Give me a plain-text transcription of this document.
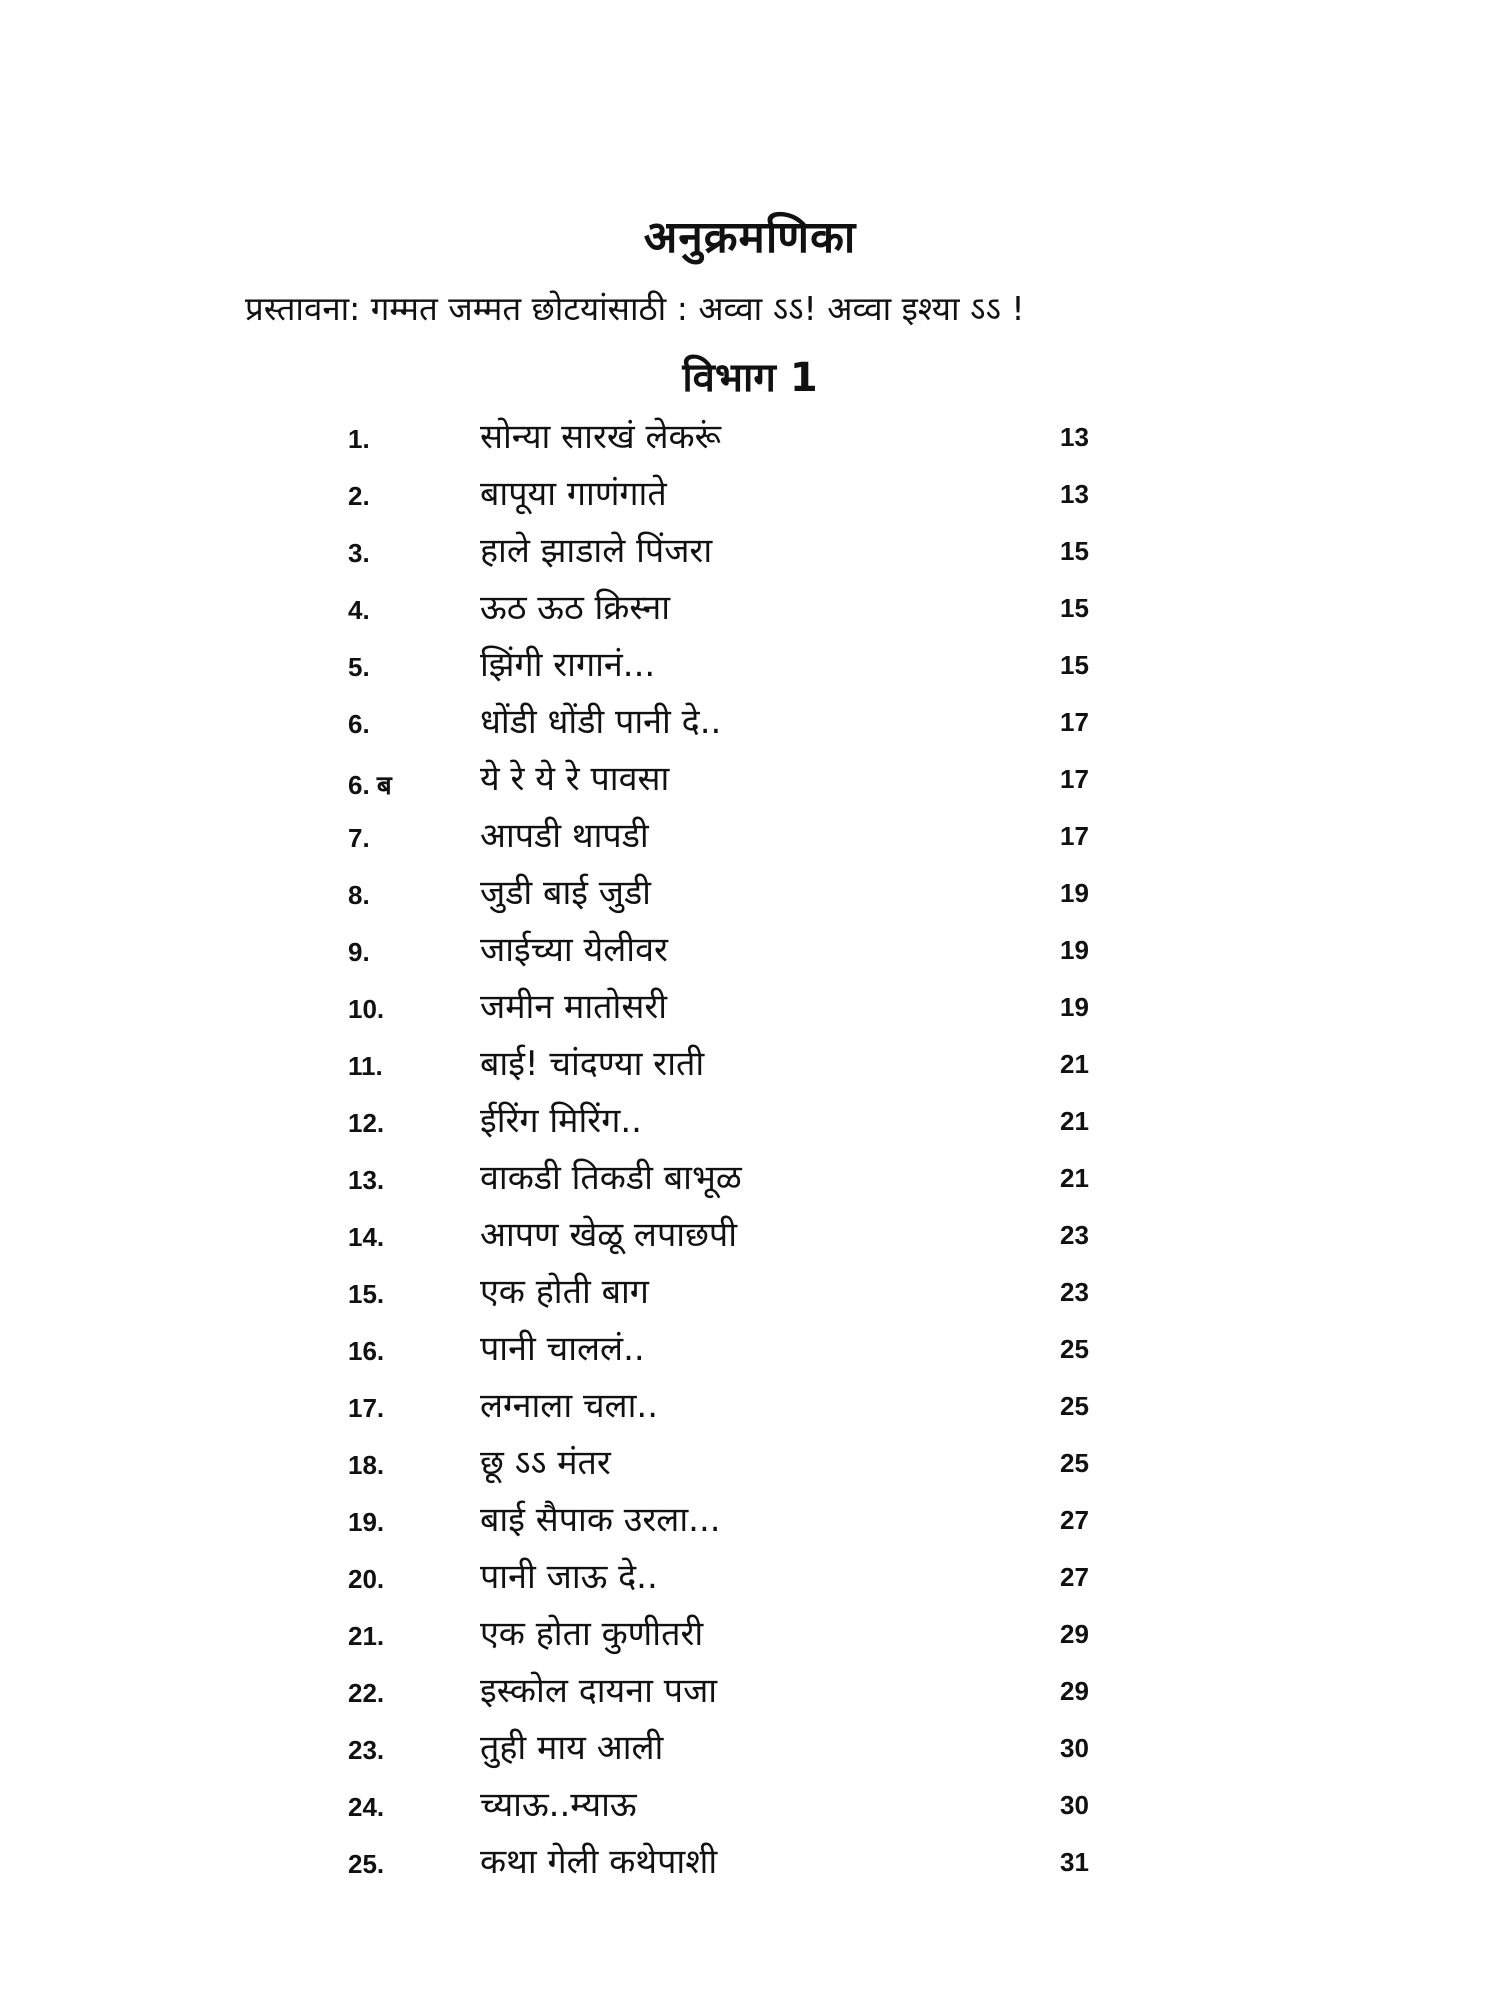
अनुक्रमणिका
प्रस्तावना: गम्मत जम्मत छोटयांसाठी : अव्वा ऽऽ! अव्वा इश्या ऽऽ !
विभाग 1
1.	सोन्या सारखं लेकरूं	13
2.	बापूया गाणंगाते	13
3.	हाले झाडाले पिंजरा	15
4.	ऊठ ऊठ क्रिस्ना	15
5.	झिंगी रागानं...	15
6.	धोंडी धोंडी पानी दे..	17
6. ब	ये रे ये रे पावसा	17
7.	आपडी थापडी	17
8.	जुडी बाई जुडी	19
9.	जाईच्या येलीवर	19
10.	जमीन मातोसरी	19
11.	बाई! चांदण्या राती	21
12.	ईरिंग मिरिंग..	21
13.	वाकडी तिकडी बाभूळ	21
14.	आपण खेळू लपाछपी	23
15.	एक होती बाग	23
16.	पानी चाललं..	25
17.	लग्नाला चला..	25
18.	छू ऽऽ मंतर	25
19.	बाई सैपाक उरला...	27
20.	पानी जाऊ दे..	27
21.	एक होता कुणीतरी	29
22.	इस्कोल दायना पजा	29
23.	तुही माय आली	30
24.	च्याऊ..म्याऊ	30
25.	कथा गेली कथेपाशी	31
